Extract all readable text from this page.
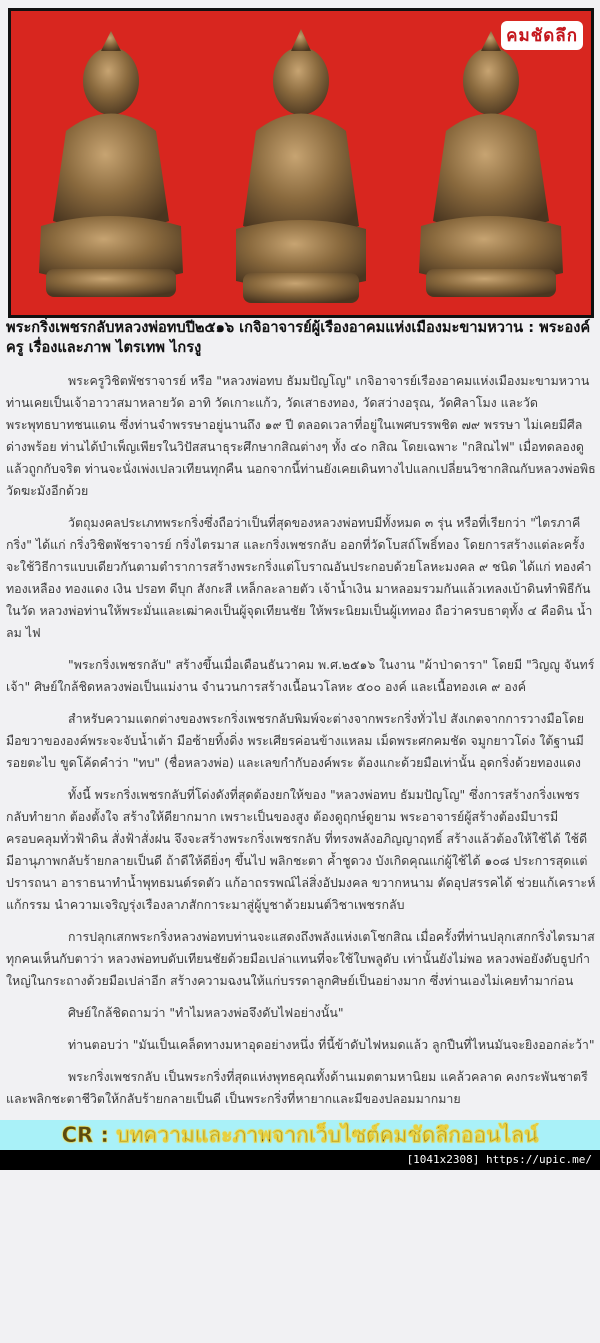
คมชัดลึก
พระกริ่งเพชรกลับหลวงพ่อทบปี๒๕๑๖ เกจิอาจารย์ผู้เรืองอาคมแห่งเมืองมะขามหวาน : พระองค์ครู เรื่องและภาพ ไตรเทพ ไกรงู

พระครูวิชิตพัชราจารย์ หรือ "หลวงพ่อทบ ธัมมปัญโญ" เกจิอาจารย์เรืองอาคมแห่งเมืองมะขามหวาน ท่านเคยเป็นเจ้าอาวาสมาหลายวัด อาทิ วัดเกาะแก้ว, วัดเสาธงทอง, วัดสว่างอรุณ, วัดศิลาโมง และวัดพระพุทธบาทชนแดน ซึ่งท่านจำพรรษาอยู่นานถึง ๑๙ ปี ตลอดเวลาที่อยู่ในเพศบรรพชิต ๗๙ พรรษา ไม่เคยมีศีลด่างพร้อย ท่านได้บำเพ็ญเพียรในวิปัสสนาธุระศึกษากสิณต่างๆ ทั้ง ๔๐ กสิณ โดยเฉพาะ "กสิณไฟ" เมื่อทดลองดูแล้วถูกกับจริต ท่านจะนั่งเพ่งเปลวเทียนทุกคืน นอกจากนี้ท่านยังเคยเดินทางไปแลกเปลี่ยนวิชากสิณกับหลวงพ่อพิธ วัดฆะมังอีกด้วย

วัตถุมงคลประเภทพระกริ่งซึ่งถือว่าเป็นที่สุดของหลวงพ่อทบมีทั้งหมด ๓ รุ่น หรือที่เรียกว่า "ไตรภาคีกริ่ง" ได้แก่ กริ่งวิชิตพัชราจารย์ กริ่งไตรมาส และกริ่งเพชรกลับ ออกที่วัดโบสถ์โพธิ์ทอง โดยการสร้างแต่ละครั้งจะใช้วิธีการแบบเดียวกันตามตำราการสร้างพระกริ่งแต่โบราณอันประกอบด้วยโลหะมงคล ๙ ชนิด ได้แก่ ทองคำ ทองเหลือง ทองแดง เงิน ปรอท ดีบุก สังกะสี เหล็กละลายตัว เจ้าน้ำเงิน มาหลอมรวมกันแล้วเทลงเบ้าดินทำพิธีกันในวัด หลวงพ่อท่านให้พระมั่นและเฒ่าคงเป็นผู้จุดเทียนชัย ให้พระนิยมเป็นผู้เททอง ถือว่าครบธาตุทั้ง ๔ คือดิน น้ำ ลม ไฟ

"พระกริ่งเพชรกลับ" สร้างขึ้นเมื่อเดือนธันวาคม พ.ศ.๒๕๑๖ ในงาน "ผ้าป่าดารา" โดยมี "วิญญู จันทร์เจ้า" ศิษย์ใกล้ชิดหลวงพ่อเป็นแม่งาน จำนวนการสร้างเนื้อนวโลหะ ๕๐๐ องค์ และเนื้อทองเค ๙ องค์

สำหรับความแตกต่างของพระกริ่งเพชรกลับพิมพ์จะต่างจากพระกริ่งทั่วไป สังเกตจากการวางมือโดยมือขวาขององค์พระจะจับน้ำเต้า มือซ้ายทิ้งดิ่ง พระเศียรค่อนข้างแหลม เม็ดพระศกคมชัด จมูกยาวโด่ง ใต้ฐานมีรอยตะไบ ขูดโค้ดคำว่า "ทบ" (ชื่อหลวงพ่อ) และเลขกำกับองค์พระ ต้องแกะด้วยมือเท่านั้น อุดกริ่งด้วยทองแดง

ทั้งนี้ พระกริ่งเพชรกลับที่โด่งดังที่สุดต้องยกให้ของ "หลวงพ่อทบ ธัมมปัญโญ" ซึ่งการสร้างกริ่งเพชรกลับทำยาก ต้องตั้งใจ สร้างให้ดียากมาก เพราะเป็นของสูง ต้องดูฤกษ์ดูยาม พระอาจารย์ผู้สร้างต้องมีบารมีครอบคลุมทั่วฟ้าดิน สั่งฟ้าสั่งฝน จึงจะสร้างพระกริ่งเพชรกลับ ที่ทรงพลังอภิญญาฤทธิ์ สร้างแล้วต้องให้ใช้ได้ ใช้ดี มีอานุภาพกลับร้ายกลายเป็นดี ถ้าดีให้ดียิ่งๆ ขึ้นไป พลิกชะตา ค้ำชูดวง บังเกิดคุณแก่ผู้ใช้ได้ ๑๐๘ ประการสุดแต่ปรารถนา อาราธนาทำน้ำพุทธมนต์รดตัว แก้อาถรรพณ์ไล่สิ่งอัปมงคล ขวากหนาม ตัดอุปสรรคได้ ช่วยแก้เคราะห์แก้กรรม นำความเจริญรุ่งเรืองลาภสักการะมาสู่ผู้บูชาด้วยมนต์วิชาเพชรกลับ

การปลุกเสกพระกริ่งหลวงพ่อทบท่านจะแสดงถึงพลังแห่งเตโชกสิณ เมื่อครั้งที่ท่านปลุกเสกกริ่งไตรมาส ทุกคนเห็นกับตาว่า หลวงพ่อทบดับเทียนชัยด้วยมือเปล่าแทนที่จะใช้ใบพลูดับ เท่านั้นยังไม่พอ หลวงพ่อยังดับธูปกำใหญ่ในกระถางด้วยมือเปล่าอีก สร้างความฉงนให้แก่บรรดาลูกศิษย์เป็นอย่างมาก ซึ่งท่านเองไม่เคยทำมาก่อน

ศิษย์ใกล้ชิดถามว่า "ทำไมหลวงพ่อจึงดับไฟอย่างนั้น"

ท่านตอบว่า "มันเป็นเคล็ดทางมหาอุดอย่างหนึ่ง ที่นี้ข้าดับไฟหมดแล้ว ลูกปืนที่ไหนมันจะยิงออกล่ะว้า"

พระกริ่งเพชรกลับ เป็นพระกริ่งที่สุดแห่งพุทธคุณทั้งด้านเมตตามหานิยม แคล้วคลาด คงกระพันชาตรี และพลิกชะตาชีวิตให้กลับร้ายกลายเป็นดี เป็นพระกริ่งที่หายากและมีของปลอมมากมาย

CR : บทความและภาพจากเว็บไซต์คมชัดลึกออนไลน์
[1041x2308] https://upic.me/
